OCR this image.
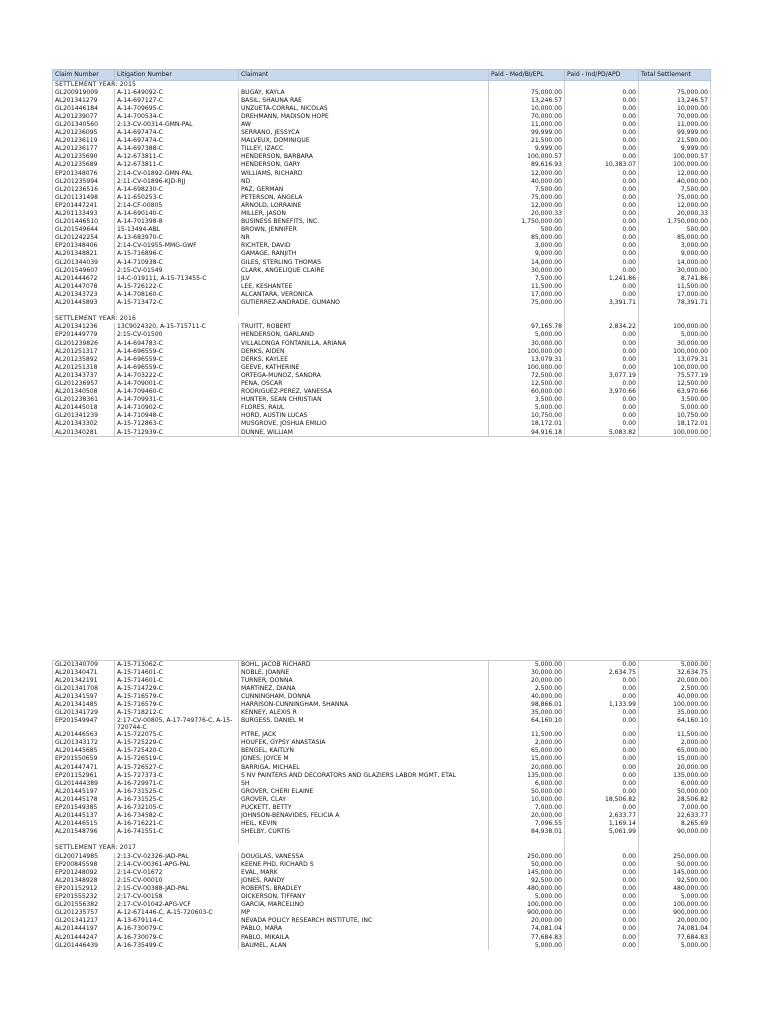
Claim Number	Litigation Number	Claimant	Paid - Med/BI/EPL	Paid - Ind/PD/APD	Total Settlement
SETTLEMENT YEAR: 2015					
GL200919009	A-11-649092-C	BUGAY, KAYLA	75,000.00	0.00	75,000.00
AL201341279	A-14-697127-C	BASIL, SHAUNA RAE	13,246.57	0.00	13,246.57
GL201446184	A-14-709695-C	UNZUETA-CORRAL, NICOLAS	10,000.00	0.00	10,000.00
AL201239077	A-14-700534-C	DREHMANN, MADISON HOPE	70,000.00	0.00	70,000.00
GL201340560	2:13-CV-00314-GMN-PAL	AW	11,000.00	0.00	11,000.00
AL201236095	A-14-697474-C	SERRANO, JESSYCA	99,999.00	0.00	99,999.00
AL201236119	A-14-697474-C	MALVEUX, DOMINIQUE	21,500.00	0.00	21,500.00
AL201236177	A-14-697388-C	TILLEY, IZACC	9,999.00	0.00	9,999.00
AL201235690	A-12-673811-C	HENDERSON, BARBARA	100,000.57	0.00	100,000.57
AL201235689	A-12-673811-C	HENDERSON, GARY	89,616.93	10,383.07	100,000.00
EP201348076	2:14-CV-01892-GMN-PAL	WILLIAMS, RICHARD	12,000.00	0.00	12,000.00
GL201235994	2:11-CV-01896-KJD-RJJ	ND	40,000.00	0.00	40,000.00
GL201236516	A-14-698230-C	PAZ, GERMAN	7,500.00	0.00	7,500.00
GL201131498	A-11-650253-C	PETERSON, ANGELA	75,000.00	0.00	75,000.00
EP201447241	2:14-CF-00805	ARNOLD, LORRAINE	12,000.00	0.00	12,000.00
AL201133493	A-14-690140-C	MILLER, JASON	20,000.33	0.00	20,000.33
GL201446510	A-14-701398-8	BUSINESS BENEFITS, INC.	1,750,000.00	0.00	1,750,000.00
GL201549644	15-13494-ABL	BROWN, JENNIFER	500.00	0.00	500.00
GL201242254	A-13-683970-C	NR	85,000.00	0.00	85,000.00
EP201348406	2:14-CV-01955-MMG-GWF	RICHTER, DAVID	3,000.00	0.00	3,000.00
AL201348821	A-15-716896-C	GAMAGE, RANJITH	9,000.00	0.00	9,000.00
GL201344039	A-14-710938-C	GILES, STERLING THOMAS	14,000.00	0.00	14,000.00
GL201549607	2:15-CV-01549	CLARK, ANGELIQUE CLAIRE	30,000.00	0.00	30,000.00
AL201444672	14-C-019111, A-15-713455-C	JLV	7,500.00	1,241.86	8,741.86
AL201447078	A-15-726122-C	LEE, KESHANTEE	11,500.00	0.00	11,500.00
AL201343723	A-14-708160-C	ALCANTARA, VERONICA	17,000.00	0.00	17,000.00
AL201445893	A-15-713472-C	GUTIERREZ-ANDRADE, GUMANO	75,000.00	3,391.71	78,391.71

SETTLEMENT YEAR: 2016					
AL201341236	13C9024320, A-15-715711-C	TRUITT, ROBERT	97,165.78	2,834.22	100,000.00
EP201449779	2:15-CV-01500	HENDERSON, GARLAND	5,000.00	0.00	5,000.00
GL201239826	A-14-694783-C	VILLALONGA FONTANILLA, ARIANA	30,000.00	0.00	30,000.00
AL201251317	A-14-696559-C	DERKS, AIDEN	100,000.00	0.00	100,000.00
AL201235892	A-14-696559-C	DERKS, KAYLEE	13,079.31	0.00	13,079.31
AL201251318	A-14-696559-C	GEEVE, KATHERINE	100,000.00	0.00	100,000.00
AL201343737	A-14-703222-C	ORTEGA-MUNOZ, SANDRA	72,500.00	3,077.19	75,577.19
GL201236957	A-14-709001-C	PENA, OSCAR	12,500.00	0.00	12,500.00
AL201340508	A-14-709460-C	RODRIGUEZ-PEREZ, VANESSA	60,000.00	3,970.66	63,970.66
GL201238361	A-14-709931-C	HUNTER, SEAN CHRISTIAN	3,500.00	0.00	3,500.00
AL201445018	A-14-710902-C	FLORES, RAUL	5,000.00	0.00	5,000.00
GL201341239	A-14-710948-C	HORD, AUSTIN LUCAS	10,750.00	0.00	10,750.00
AL201343302	A-15-712863-C	MUSGROVE, JOSHUA EMILIO	18,172.01	0.00	18,172.01
AL201340281	A-15-712939-C	DUNNE, WILLIAM	94,916.18	5,083.82	100,000.00
GL201340709	A-15-713062-C	BOHL, JACOB RICHARD	5,000.00	0.00	5,000.00
AL201340471	A-15-714601-C	NOBLE, JOANNE	30,000.00	2,634.75	32,634.75
AL201342191	A-15-714601-C	TURNER, DONNA	20,000.00	0.00	20,000.00
GL201341708	A-15-714729-C	MARTINEZ, DIANA	2,500.00	0.00	2,500.00
AL201341597	A-15-716579-C	CUNNINGHAM, DONNA	40,000.00	0.00	40,000.00
AL201341485	A-15-716579-C	HARRISON-CUNNINGHAM, SHANNA	98,866.01	1,133.99	100,000.00
GL201341729	A-15-718212-C	KENNEY, ALEXIS R	35,000.00	0.00	35,000.00
EP201549947	2:17-CV-00805, A-17-749776-C, A-15-720744-C	BURGESS, DANIEL M	64,160.10	0.00	64,160.10
AL201446563	A-15-722075-C	PITRE, JACK	11,500.00	0.00	11,500.00
GL201343172	A-15-725229-C	HOUFEK, GYPSY ANASTASIA	2,000.00	0.00	2,000.00
AL201445685	A-15-725420-C	BENGEL, KAITLYN	65,000.00	0.00	65,000.00
EP201550659	A-15-726519-C	JONES, JOYCE M	15,000.00	0.00	15,000.00
AL201447471	A-15-726527-C	BARRIGA, MICHAEL	20,000.00	0.00	20,000.00
EP201152961	A-15-727373-C	S NV PAINTERS AND DECORATORS AND GLAZIERS LABOR MGMT, ETAL	135,000.00	0.00	135,000.00
GL201444389	A-16-729971-C	SH	6,000.00	0.00	6,000.00
AL201445197	A-16-731525-C	GROVER, CHERI ELAINE	50,000.00	0.00	50,000.00
AL201445178	A-16-731525-C	GROVER, CLAY	10,000.00	18,506.82	28,506.82
EP201549385	A-16-732105-C	PUCKETT, BETTY	7,000.00	0.00	7,000.00
AL201445137	A-16-734582-C	JOHNSON-BENAVIDES, FELICIA A	20,000.00	2,633.77	22,633.77
AL201446515	A-16-716221-C	HEIL, KEVIN	7,096.55	1,169.14	8,265.69
AL201548796	A-16-741551-C	SHELBY, CURTIS	84,938.01	5,061.99	90,000.00

SETTLEMENT YEAR: 2017					
GL200714985	2:13-CV-02326-JAD-PAL	DOUGLAS, VANESSA	250,000.00	0.00	250,000.00
EP200845598	2:14-CV-00361-APG-PAL	KEENE PHD, RICHARD S	50,000.00	0.00	50,000.00
EP201248092	2:14-CV-01672	EVAL, MARK	145,000.00	0.00	145,000.00
AL201348928	2:15-CV-00010	JONES, RANDY	92,500.00	0.00	92,500.00
EP201152912	2:15-CV-00388-JAD-PAL	ROBERTS, BRADLEY	480,000.00	0.00	480,000.00
EP201555232	2:17-CV-00158	DICKERSON, TIFFANY	5,000.00	0.00	5,000.00
GL201556382	2:17-CV-01042-APG-VCF	GARCIA, MARCELINO	100,000.00	0.00	100,000.00
GL201235757	A-12-671446-C, A-15-720603-C	MP	900,000.00	0.00	900,000.00
GL201341217	A-13-679114-C	NEVADA POLICY RESEARCH INSTITUTE, INC	20,000.00	0.00	20,000.00
AL201444197	A-16-730079-C	PABLO, MARA	74,081.04	0.00	74,081.04
AL201444247	A-16-730079-C	PABLO, MIKAILA	77,684.83	0.00	77,684.83
GL201446439	A-16-735499-C	BAUMEL, ALAN	5,000.00	0.00	5,000.00
